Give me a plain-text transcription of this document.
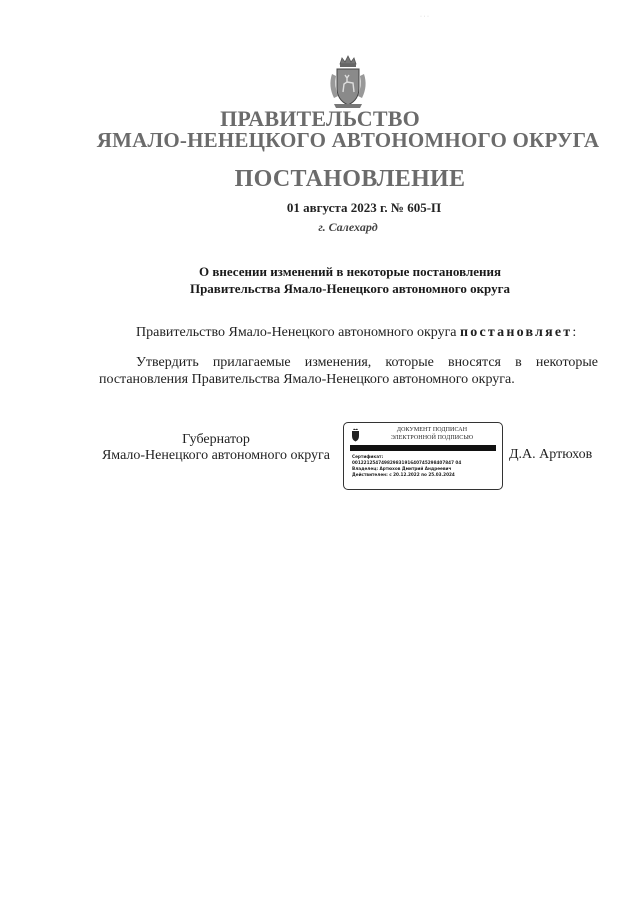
· · ·
ПРАВИТЕЛЬСТВО
ЯМАЛО-НЕНЕЦКОГО АВТОНОМНОГО ОКРУГА
ПОСТАНОВЛЕНИЕ
01 августа 2023 г. № 605-П
г. Салехард
О внесении изменений в некоторые постановления
Правительства Ямало-Ненецкого автономного округа
Правительство Ямало-Ненецкого автономного округа постановляет:
Утвердить прилагаемые изменения, которые вносятся в некоторые постановления Правительства Ямало-Ненецкого автономного округа.
Губернатор
Ямало-Ненецкого автономного округа
ДОКУМЕНТ ПОДПИСАН
ЭЛЕКТРОННОЙ ПОДПИСЬЮ
Сертификат:
00122125474982983191640745298407847 04
Владелец: Артюхов Дмитрий Андреевич
Действителен: с 20.12.2022 по 25.03.2024
Д.А. Артюхов
